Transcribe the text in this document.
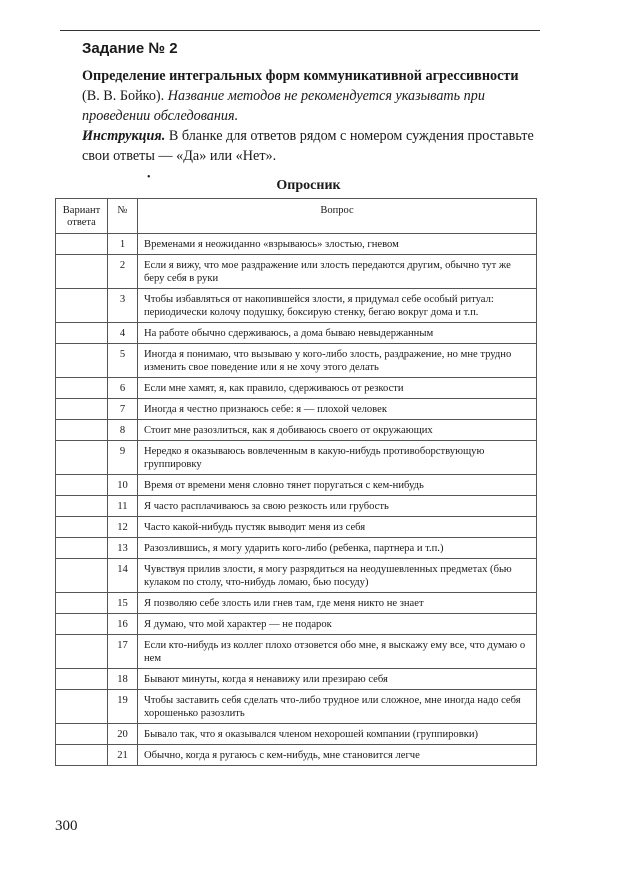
Задание № 2
Определение интегральных форм коммуникативной агрессивности (В. В. Бойко). Название методов не рекомендуется указывать при проведении обследования.
Инструкция. В бланке для ответов рядом с номером суждения проставьте свои ответы — «Да» или «Нет».
•
Опросник
Вариант ответа	№	Вопрос
	1	Временами я неожиданно «взрываюсь» злостью, гневом
	2	Если я вижу, что мое раздражение или злость передаются другим, обычно тут же беру себя в руки
	3	Чтобы избавляться от накопившейся злости, я придумал себе особый ритуал: периодически колочу подушку, боксирую стенку, бегаю вокруг дома и т.п.
	4	На работе обычно сдерживаюсь, а дома бываю невыдержанным
	5	Иногда я понимаю, что вызываю у кого-либо злость, раздражение, но мне трудно изменить свое поведение или я не хочу этого делать
	6	Если мне хамят, я, как правило, сдерживаюсь от резкости
	7	Иногда я честно признаюсь себе: я — плохой человек
	8	Стоит мне разозлиться, как я добиваюсь своего от окружающих
	9	Нередко я оказываюсь вовлеченным в какую-нибудь противоборствующую группировку
	10	Время от времени меня словно тянет поругаться с кем-нибудь
	11	Я часто расплачиваюсь за свою резкость или грубость
	12	Часто какой-нибудь пустяк выводит меня из себя
	13	Разозлившись, я могу ударить кого-либо (ребенка, партнера и т.п.)
	14	Чувствуя прилив злости, я могу разрядиться на неодушевленных предметах (бью кулаком по столу, что-нибудь ломаю, бью посуду)
	15	Я позволяю себе злость или гнев там, где меня никто не знает
	16	Я думаю, что мой характер — не подарок
	17	Если кто-нибудь из коллег плохо отзовется обо мне, я выскажу ему все, что думаю о нем
	18	Бывают минуты, когда я ненавижу или презираю себя
	19	Чтобы заставить себя сделать что-либо трудное или сложное, мне иногда надо себя хорошенько разозлить
	20	Бывало так, что я оказывался членом нехорошей компании (группировки)
	21	Обычно, когда я ругаюсь с кем-нибудь, мне становится легче
300
